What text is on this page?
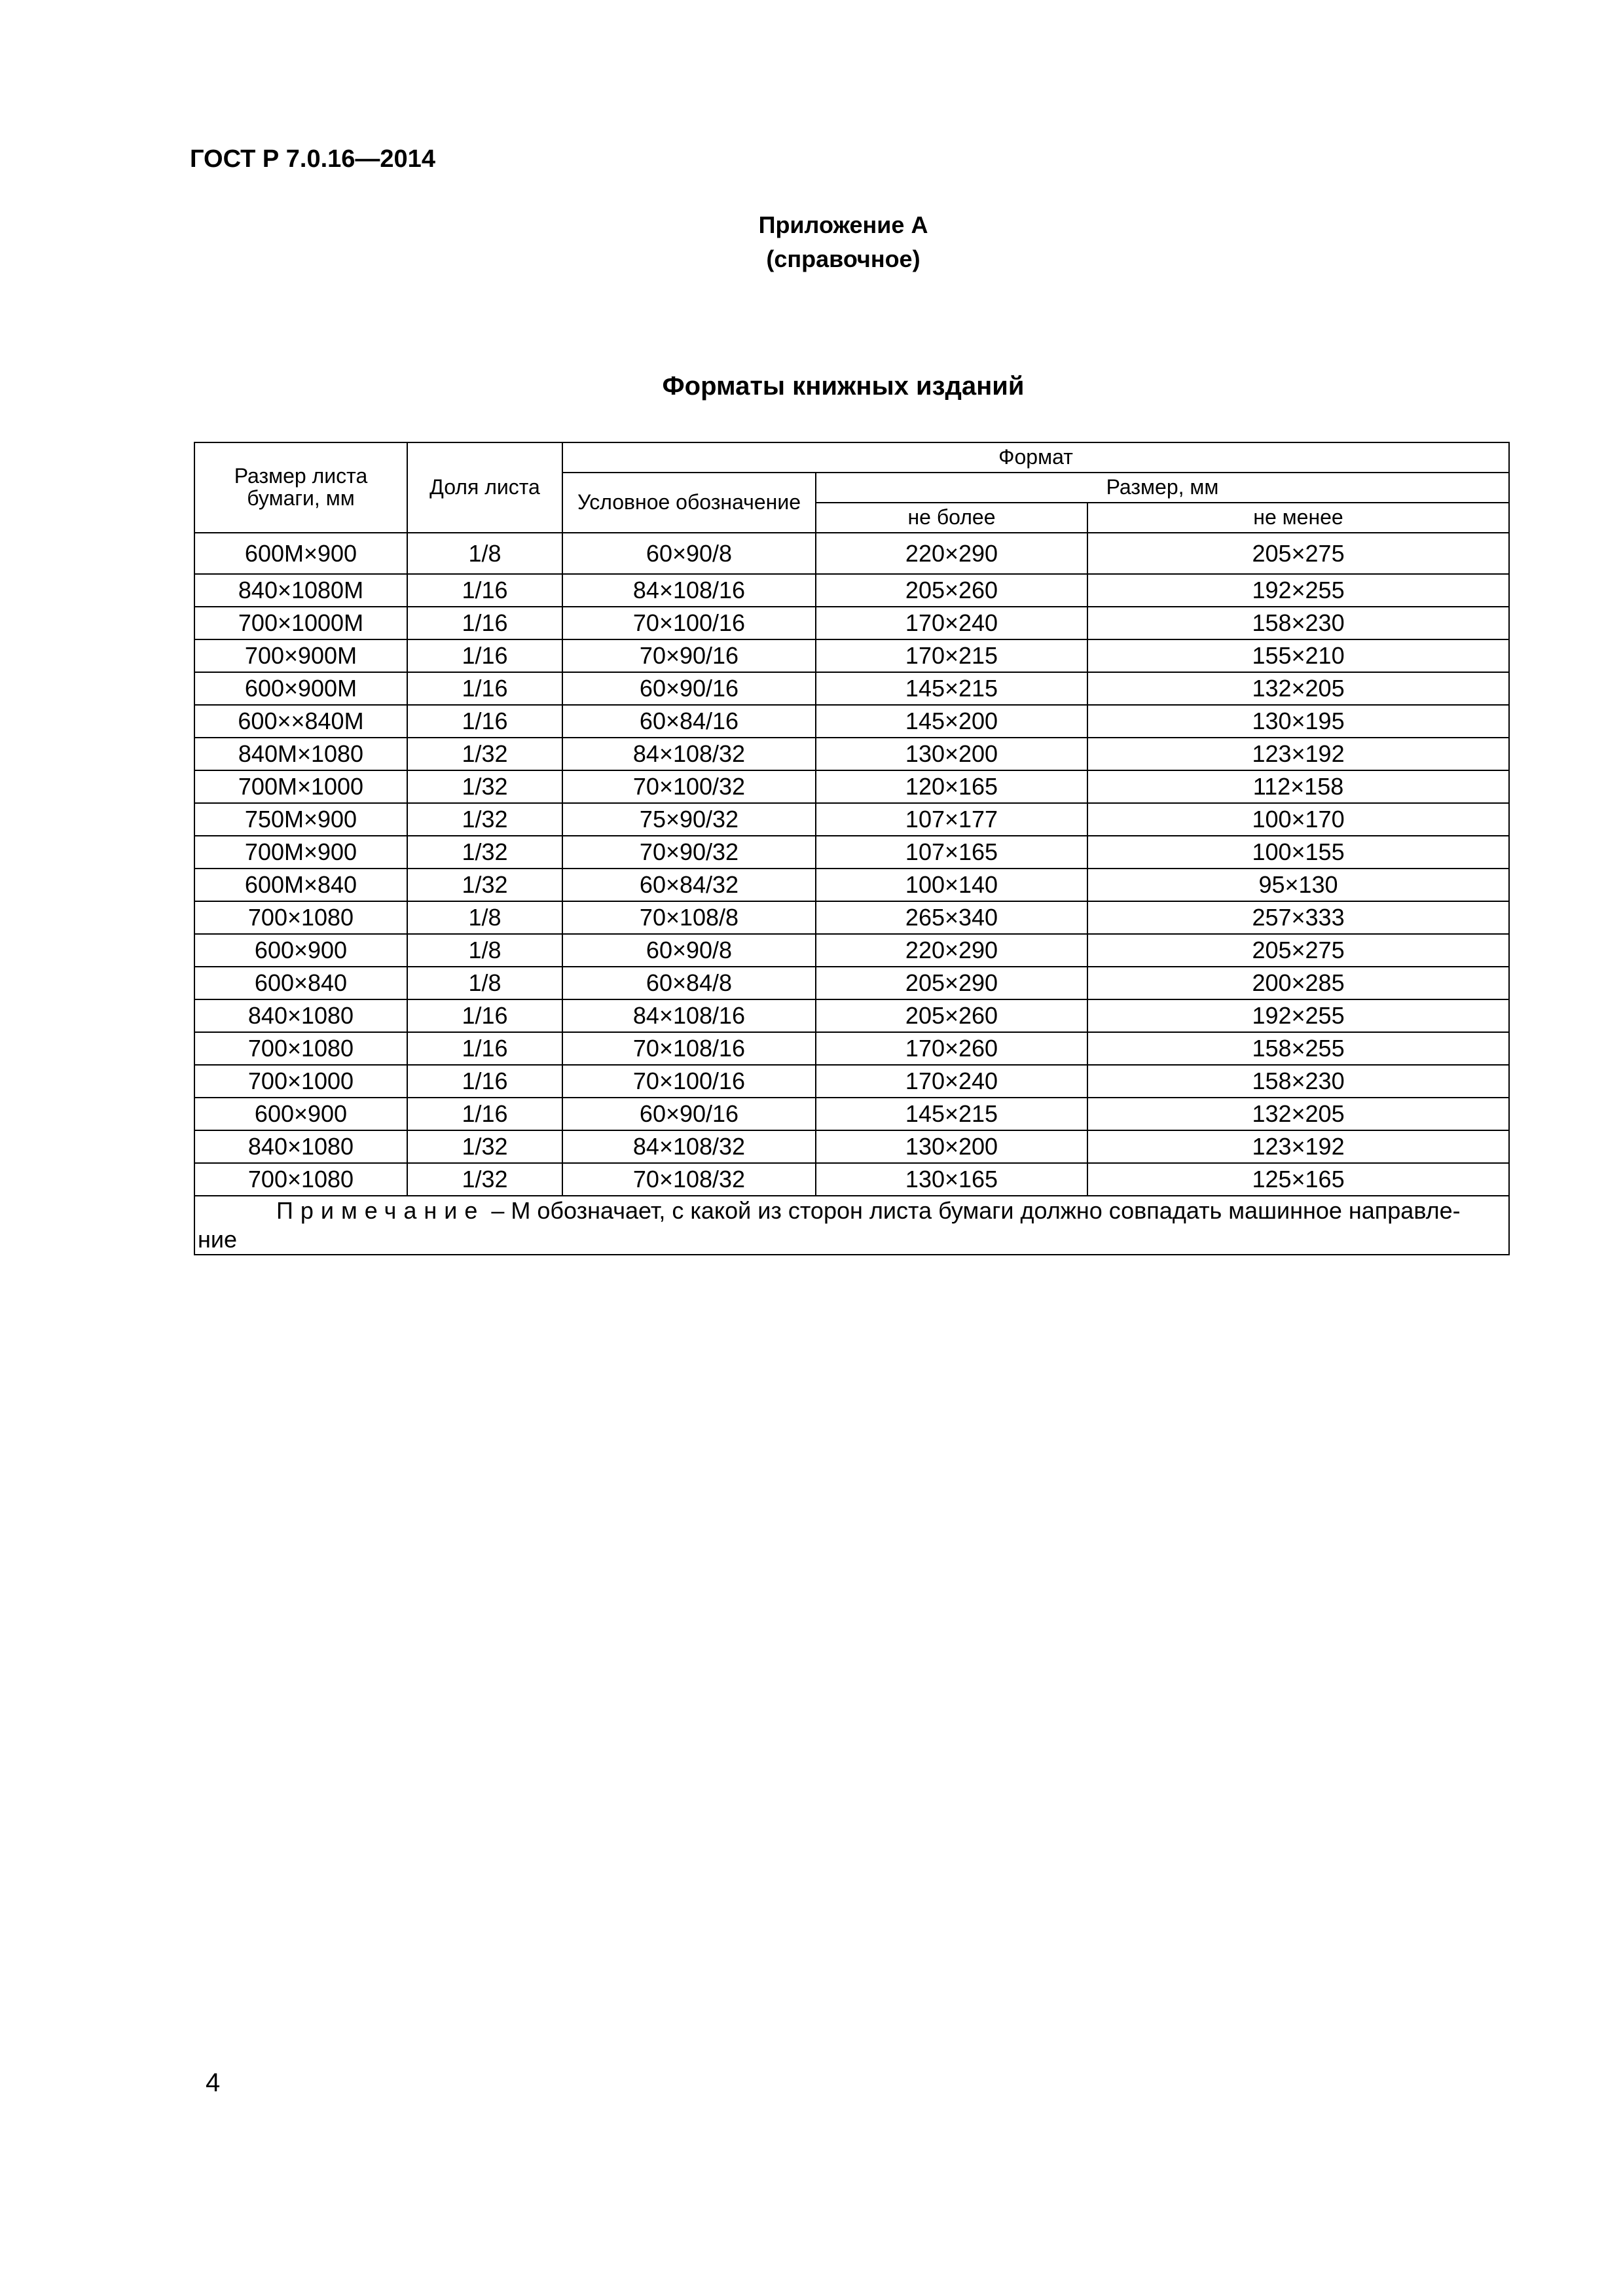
ГОСТ Р 7.0.16—2014
Приложение А
(справочное)
Форматы книжных изданий
Размер листа бумаги, мм	Доля листа	Формат		
		Условное обозначение	Размер, мм	
			не более	не менее
600М×900	1/8	60×90/8	220×290	205×275
840×1080М	1/16	84×108/16	205×260	192×255
700×1000М	1/16	70×100/16	170×240	158×230
700×900М	1/16	70×90/16	170×215	155×210
600×900М	1/16	60×90/16	145×215	132×205
600××840М	1/16	60×84/16	145×200	130×195
840М×1080	1/32	84×108/32	130×200	123×192
700М×1000	1/32	70×100/32	120×165	112×158
750М×900	1/32	75×90/32	107×177	100×170
700М×900	1/32	70×90/32	107×165	100×155
600М×840	1/32	60×84/32	100×140	95×130
700×1080	1/8	70×108/8	265×340	257×333
600×900	1/8	60×90/8	220×290	205×275
600×840	1/8	60×84/8	205×290	200×285
840×1080	1/16	84×108/16	205×260	192×255
700×1080	1/16	70×108/16	170×260	158×255
700×1000	1/16	70×100/16	170×240	158×230
600×900	1/16	60×90/16	145×215	132×205
840×1080	1/32	84×108/32	130×200	123×192
700×1080	1/32	70×108/32	130×165	125×165
Примечание – М обозначает, с какой из сторон листа бумаги должно совпадать машинное направле-
ние				
4
